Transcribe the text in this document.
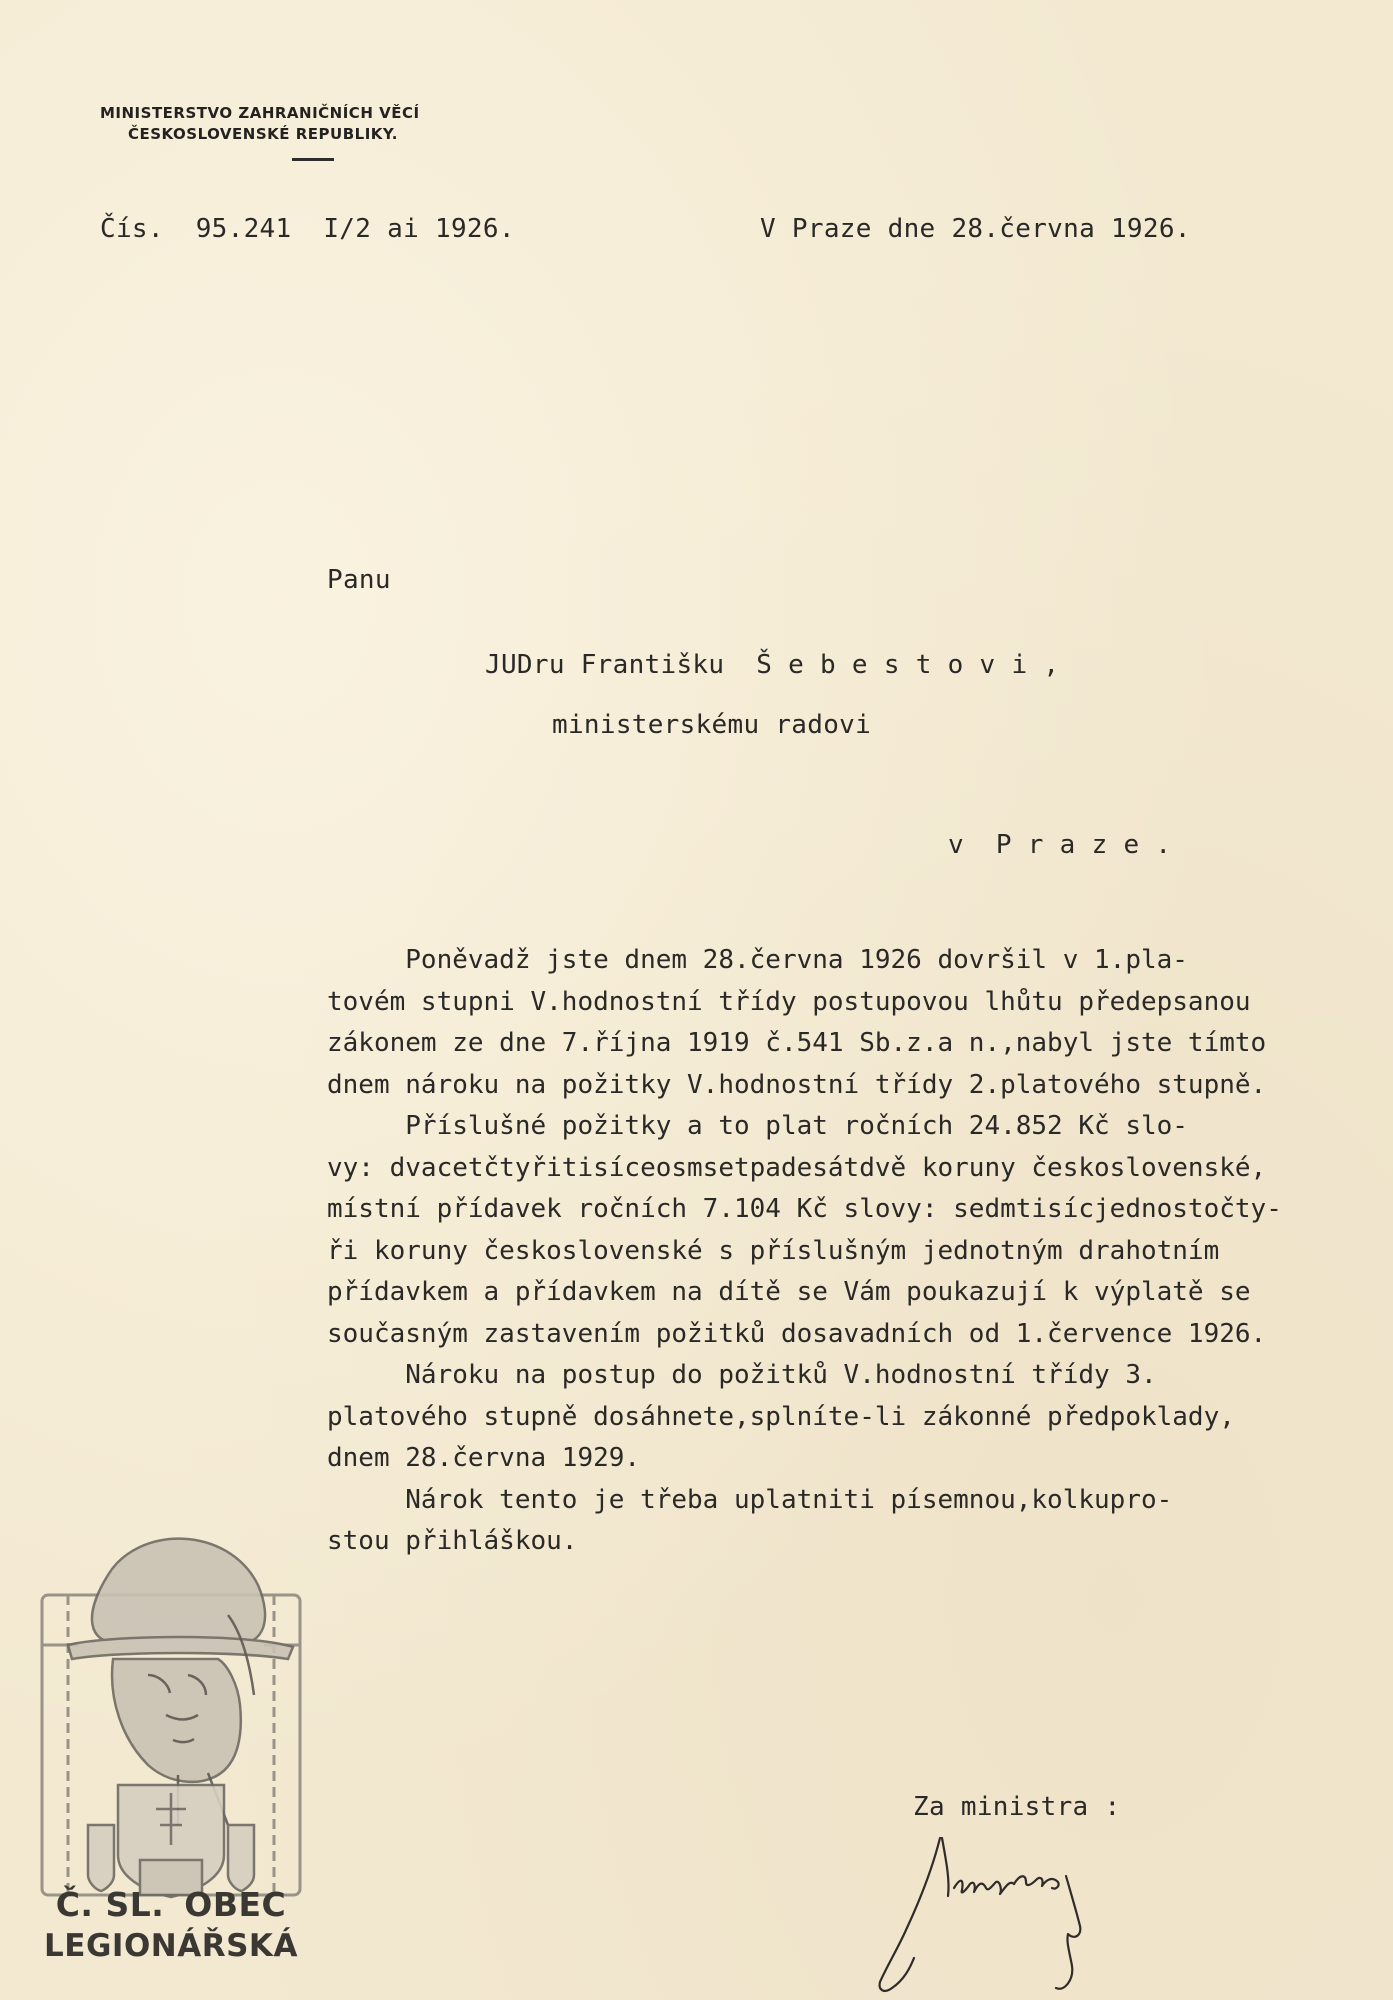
MINISTERSTVO ZAHRANIČNÍCH VĚCÍ
ČESKOSLOVENSKÉ REPUBLIKY.
Čís.  95.241  I/2 ai 1926.	V Praze dne 28.června 1926.
Panu
JUDru Františku  Š e b e s t o v i ,
ministerskému radovi
v  P r a z e .
Poněvadž jste dnem 28.června 1926 dovršil v 1.pla-
tovém stupni V.hodnostní třídy postupovou lhůtu předepsanou
zákonem ze dne 7.října 1919 č.541 Sb.z.a n.,nabyl jste tímto
dnem nároku na požitky V.hodnostní třídy 2.platového stupně.
Příslušné požitky a to plat ročních 24.852 Kč slo-
vy: dvacetčtyřitisíceosmsetpadesátdvě koruny československé,
místní přídavek ročních 7.104 Kč slovy: sedmtisícjednostočty-
ři koruny československé s příslušným jednotným drahotním
přídavkem a přídavkem na dítě se Vám poukazují k výplatě se
současným zastavením požitků dosavadních od 1.července 1926.
Nároku na postup do požitků V.hodnostní třídy 3.
platového stupně dosáhnete,splníte-li zákonné předpoklady,
dnem 28.června 1929.
Nárok tento je třeba uplatniti písemnou,kolkupro-
stou přihláškou.
Za ministra :
Č. SL. OBEC
LEGIONÁŘSKÁ
